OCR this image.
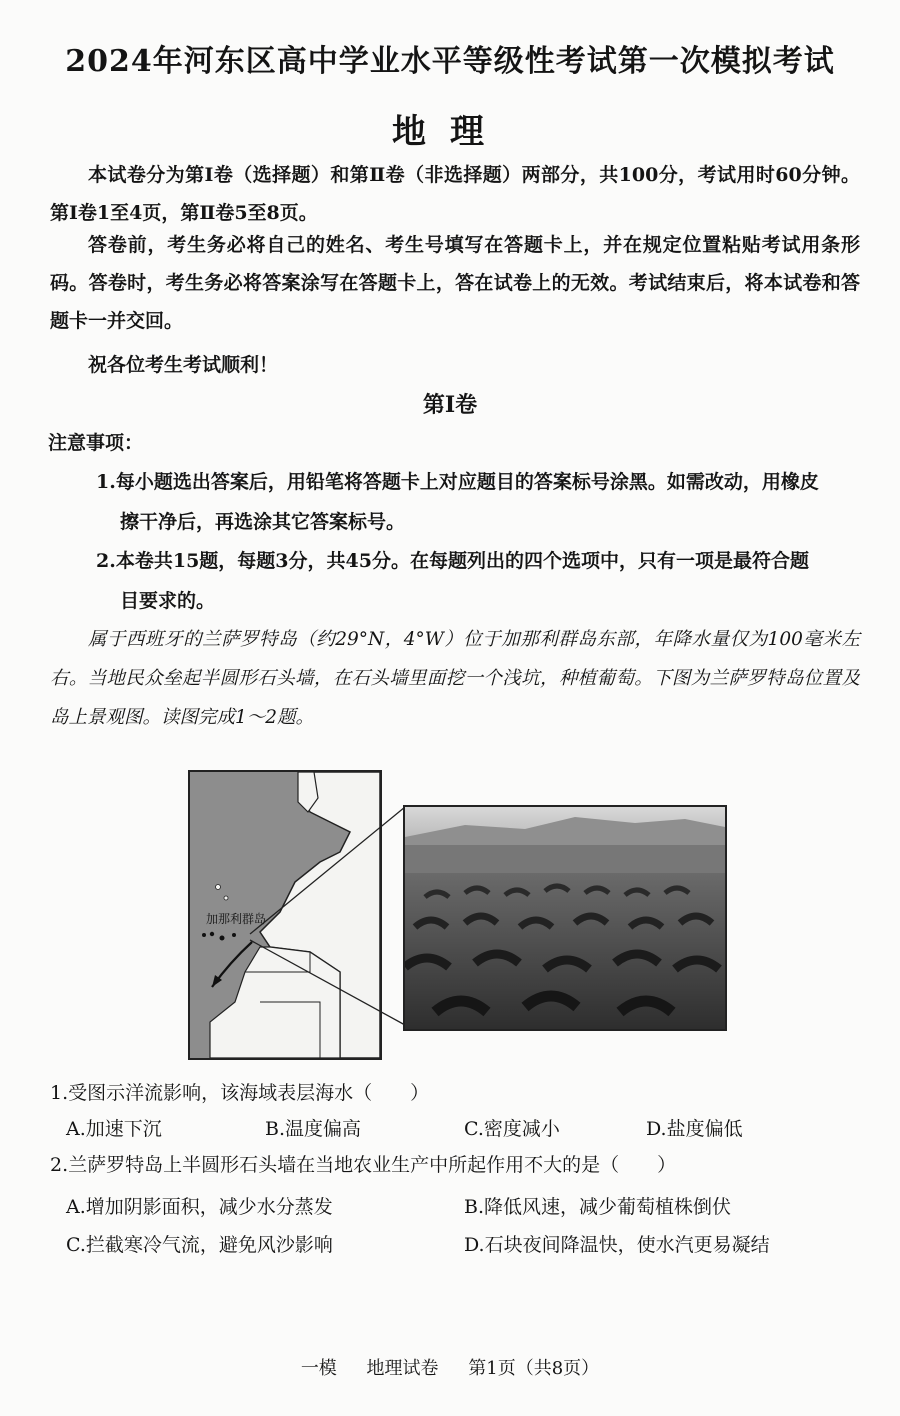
2024年河东区高中学业水平等级性考试第一次模拟考试
地理
本试卷分为第Ⅰ卷（选择题）和第Ⅱ卷（非选择题）两部分，共100分，考试用时60分钟。第Ⅰ卷1至4页，第Ⅱ卷5至8页。
答卷前，考生务必将自己的姓名、考生号填写在答题卡上，并在规定位置粘贴考试用条形码。答卷时，考生务必将答案涂写在答题卡上，答在试卷上的无效。考试结束后，将本试卷和答题卡一并交回。
祝各位考生考试顺利！
第Ⅰ卷
注意事项：
1.每小题选出答案后，用铅笔将答题卡上对应题目的答案标号涂黑。如需改动，用橡皮
擦干净后，再选涂其它答案标号。
2.本卷共15题，每题3分，共45分。在每题列出的四个选项中，只有一项是最符合题
目要求的。
属于西班牙的兰萨罗特岛（约29°N，4°W）位于加那利群岛东部，年降水量仅为100毫米左右。当地民众垒起半圆形石头墙，在石头墙里面挖一个浅坑，种植葡萄。下图为兰萨罗特岛位置及岛上景观图。读图完成1～2题。
加那利群岛
1.受图示洋流影响，该海域表层海水（　　）
A.加速下沉	B.温度偏高	C.密度减小	D.盐度偏低
2.兰萨罗特岛上半圆形石头墙在当地农业生产中所起作用不大的是（　　）
A.增加阴影面积，减少水分蒸发	B.降低风速，减少葡萄植株倒伏
C.拦截寒冷气流，避免风沙影响	D.石块夜间降温快，使水汽更易凝结
一模 地理试卷 第1页（共8页）
